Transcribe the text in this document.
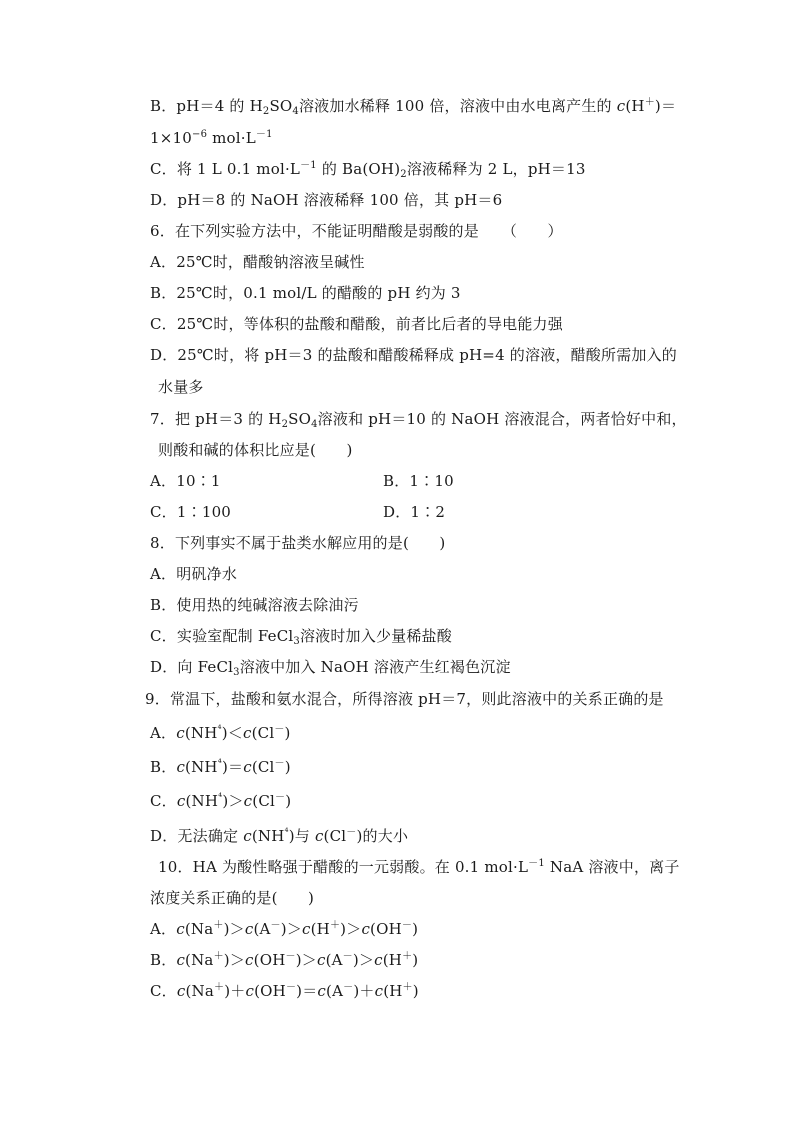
B．pH＝4 的 $H_2SO_4$溶液加水稀释 100 倍，溶液中由水电离产生的 c(H＋)＝
$1\times 10^{-6}$ $mol\cdot L^{-1}$
C．将 1 L 0.1 $mol\cdot L^{-1}$ 的 $Ba(OH)_2$溶液稀释为 2 L，pH＝13
D．pH＝8 的 NaOH 溶液稀释 100 倍，其 pH＝6
6．在下列实验方法中，不能证明醋酸是弱酸的是　　（　　）
A．25℃时，醋酸钠溶液呈碱性
B．25℃时，0.1 mol/L 的醋酸的 pH 约为 3
C．25℃时，等体积的盐酸和醋酸，前者比后者的导电能力强
D．25℃时，将 pH＝3 的盐酸和醋酸稀释成 pH=4 的溶液，醋酸所需加入的
水量多
7．把 pH＝3 的 $H_2SO_4$溶液和 pH＝10 的 NaOH 溶液混合，两者恰好中和，
则酸和碱的体积比应是(　　)
A．10∶1	B．1∶10
C．1∶100	D．1∶2
8．下列事实不属于盐类水解应用的是(　　)
A．明矾净水
B．使用热的纯碱溶液去除油污
C．实验室配制 FeCl$_3$溶液时加入少量稀盐酸
D．向 FeCl$_3$溶液中加入 NaOH 溶液产生红褐色沉淀
9．常温下，盐酸和氨水混合，所得溶液 pH＝7，则此溶液中的关系正确的是
A．$c(NH^{^4})<c(Cl^-)$
B．$c(NH^{^4})=c(Cl^-)$
C．$c(NH^{^4})>c(Cl^-)$
D．无法确定 $c(NH^{^4})$与 c(Cl－)的大小
10．HA 为酸性略强于醋酸的一元弱酸。在 0.1 $mol\cdot L^{-1}$ NaA 溶液中，离子
浓度关系正确的是(　　)
A．c(Na＋)＞c(A－)＞c(H＋)＞c(OH－)
B．c(Na＋)＞c(OH－)＞c(A－)＞c(H＋)
C．c(Na＋)＋c(OH－)＝c(A－)＋c(H＋)
